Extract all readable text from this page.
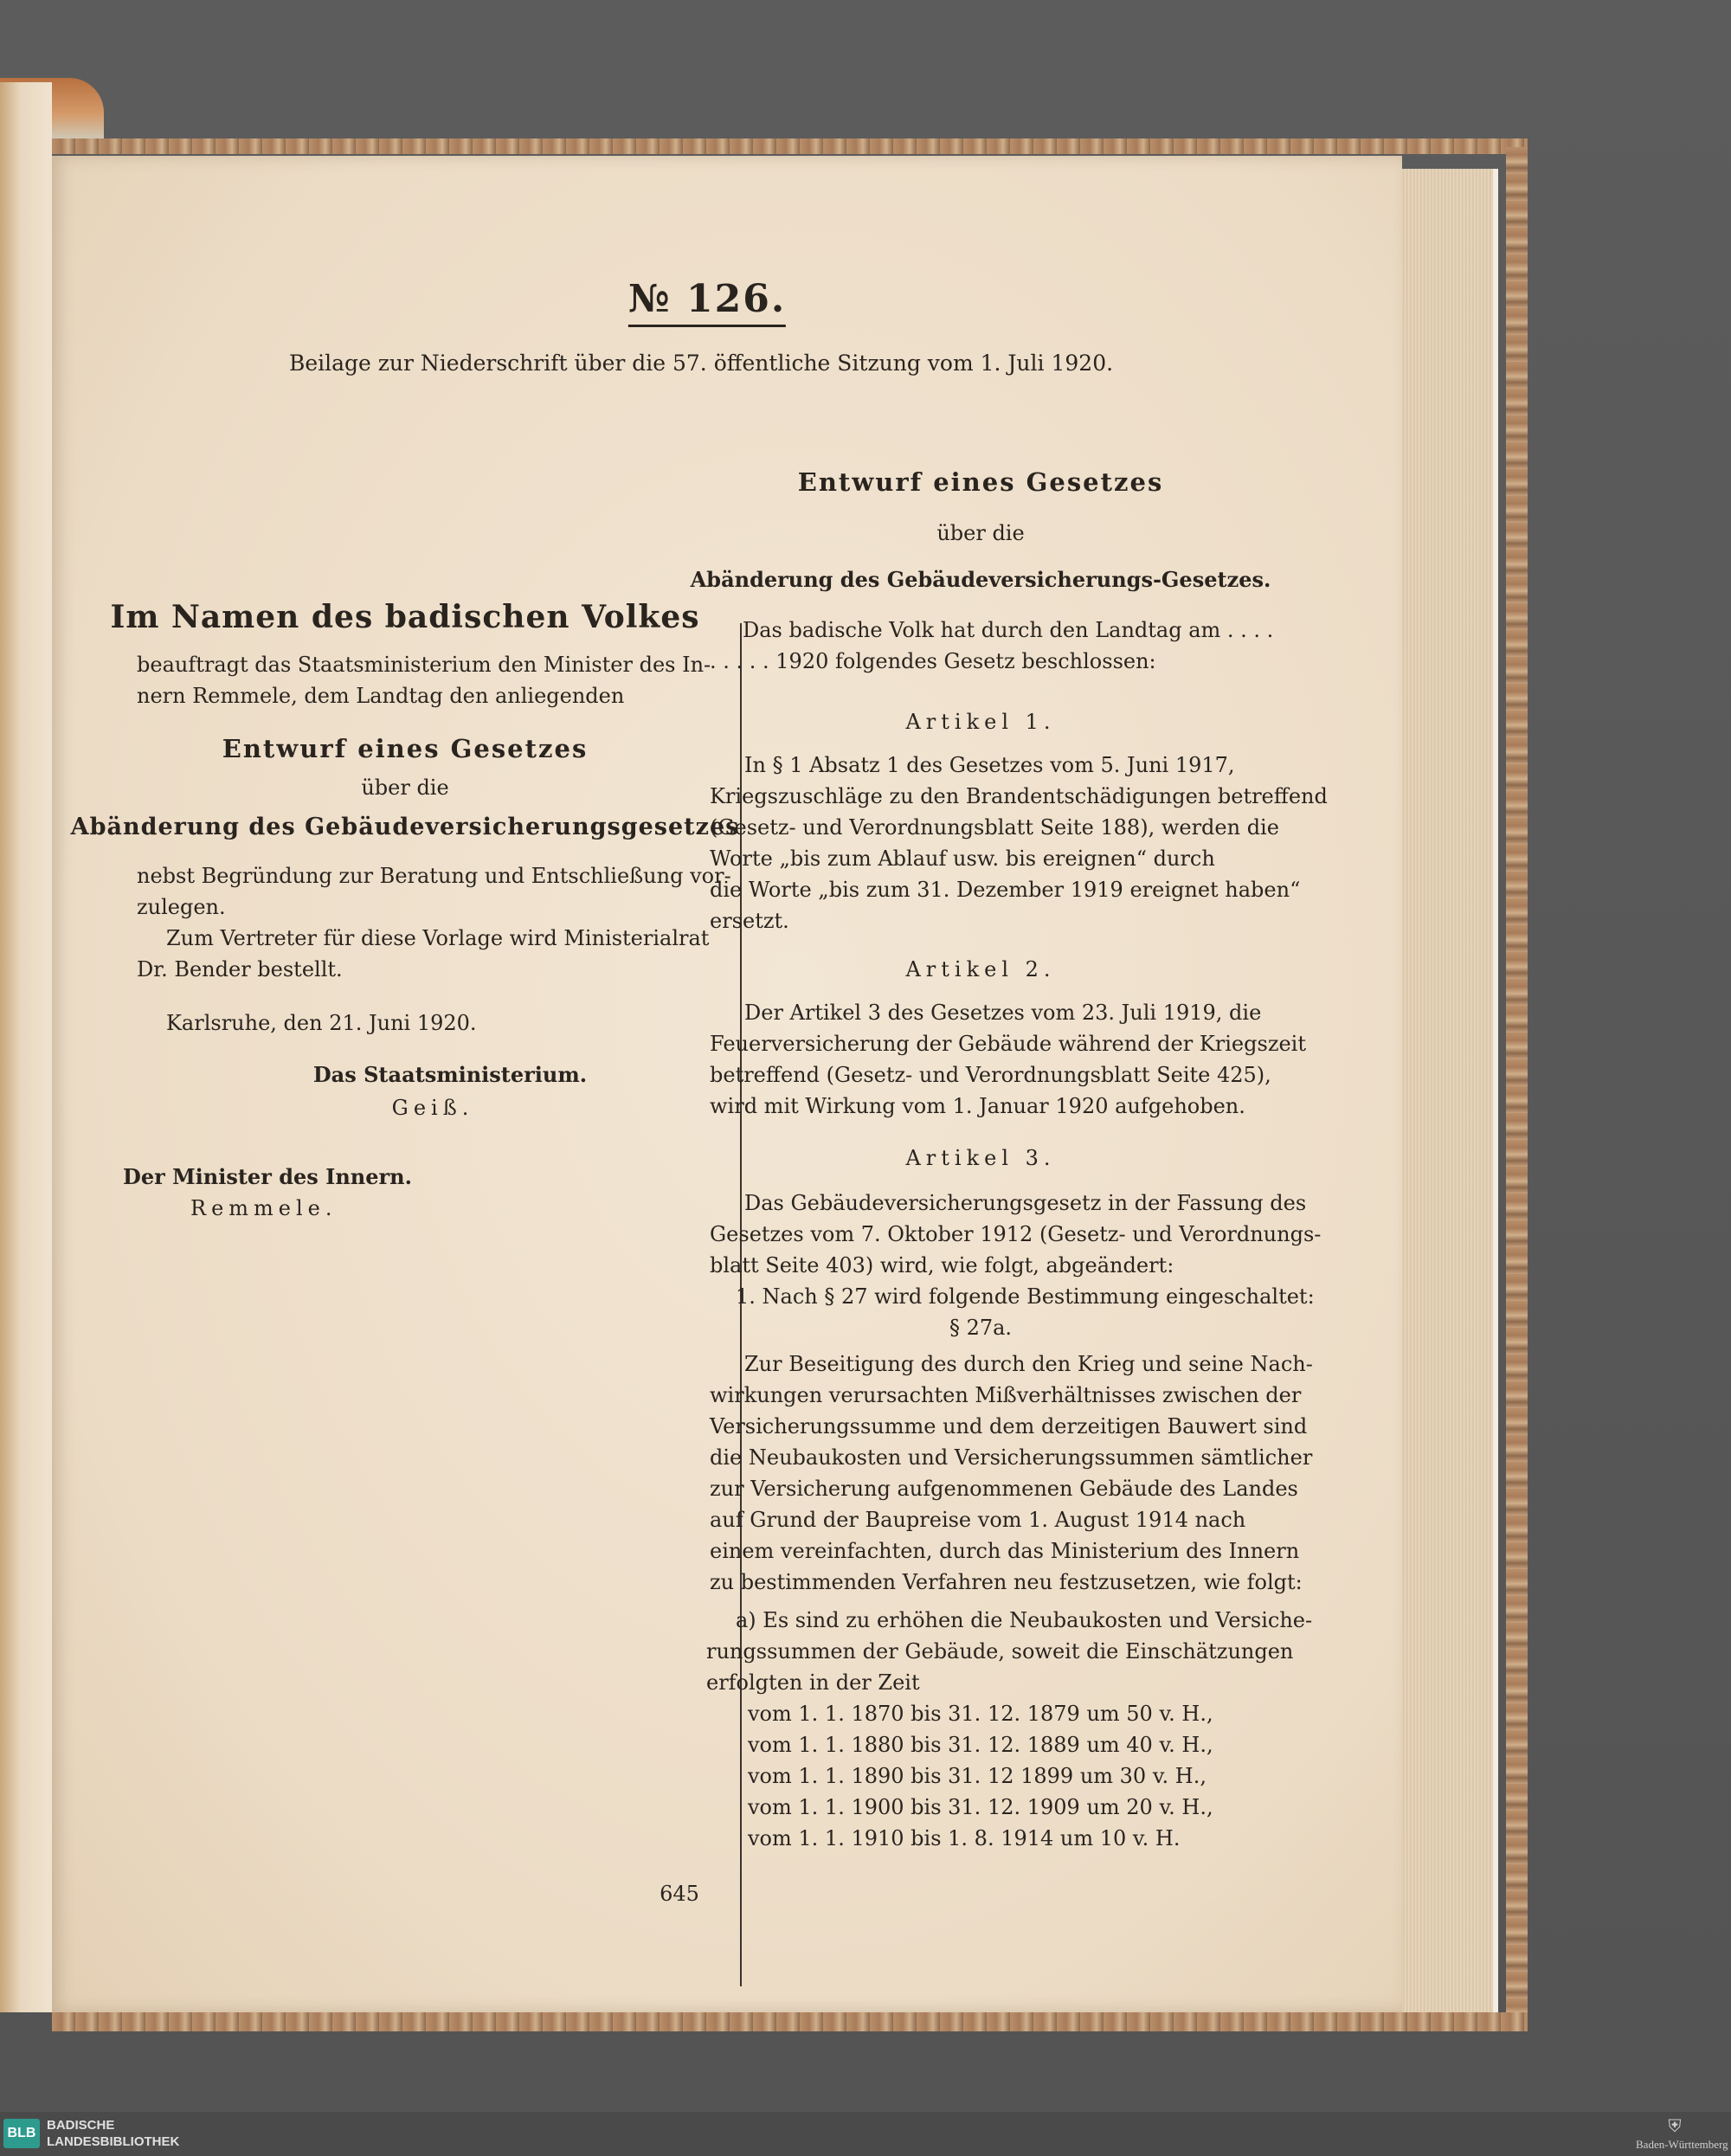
№ 126.
Beilage zur Niederschrift über die 57. öffentliche Sitzung vom 1. Juli 1920.
Im Namen des badischen Volkes
beauftragt das Staatsministerium den Minister des In-
nern Remmele, dem Landtag den anliegenden
Entwurf eines Gesetzes
über die
Abänderung des Gebäudeversicherungsgesetzes
nebst Begründung zur Beratung und Entschließung vor-
zulegen.
Zum Vertreter für diese Vorlage wird Ministerialrat
Dr. Bender bestellt.
Karlsruhe, den 21. Juni 1920.
Das Staatsministerium.
Geiß.
Der Minister des Innern.
Remmele.
Entwurf eines Gesetzes
über die
Abänderung des Gebäudeversicherungs-Gesetzes.
Das badische Volk hat durch den Landtag am . . . .
. . . . . 1920 folgendes Gesetz beschlossen:
Artikel 1.
In § 1 Absatz 1 des Gesetzes vom 5. Juni 1917,
Kriegszuschläge zu den Brandentschädigungen betreffend
(Gesetz- und Verordnungsblatt Seite 188), werden die
Worte „bis zum Ablauf usw. bis ereignen“ durch
die Worte „bis zum 31. Dezember 1919 ereignet haben“
ersetzt.
Artikel 2.
Der Artikel 3 des Gesetzes vom 23. Juli 1919, die
Feuerversicherung der Gebäude während der Kriegszeit
betreffend (Gesetz- und Verordnungsblatt Seite 425),
wird mit Wirkung vom 1. Januar 1920 aufgehoben.
Artikel 3.
Das Gebäudeversicherungsgesetz in der Fassung des
Gesetzes vom 7. Oktober 1912 (Gesetz- und Verordnungs-
blatt Seite 403) wird, wie folgt, abgeändert:
1. Nach § 27 wird folgende Bestimmung eingeschaltet:
§ 27a.
Zur Beseitigung des durch den Krieg und seine Nach-
wirkungen verursachten Mißverhältnisses zwischen der
Versicherungssumme und dem derzeitigen Bauwert sind
die Neubaukosten und Versicherungssummen sämtlicher
zur Versicherung aufgenommenen Gebäude des Landes
auf Grund der Baupreise vom 1. August 1914 nach
einem vereinfachten, durch das Ministerium des Innern
zu bestimmenden Verfahren neu festzusetzen, wie folgt:
a) Es sind zu erhöhen die Neubaukosten und Versiche-
rungssummen der Gebäude, soweit die Einschätzungen
erfolgten in der Zeit
vom 1. 1. 1870 bis 31. 12. 1879 um 50 v. H.,
vom 1. 1. 1880 bis 31. 12. 1889 um 40 v. H.,
vom 1. 1. 1890 bis 31. 12 1899 um 30 v. H.,
vom 1. 1. 1900 bis 31. 12. 1909 um 20 v. H.,
vom 1. 1. 1910 bis 1. 8. 1914 um 10 v. H.
645
BLB
BADISCHE
LANDESBIBLIOTHEK
⛨
Baden-Württemberg
